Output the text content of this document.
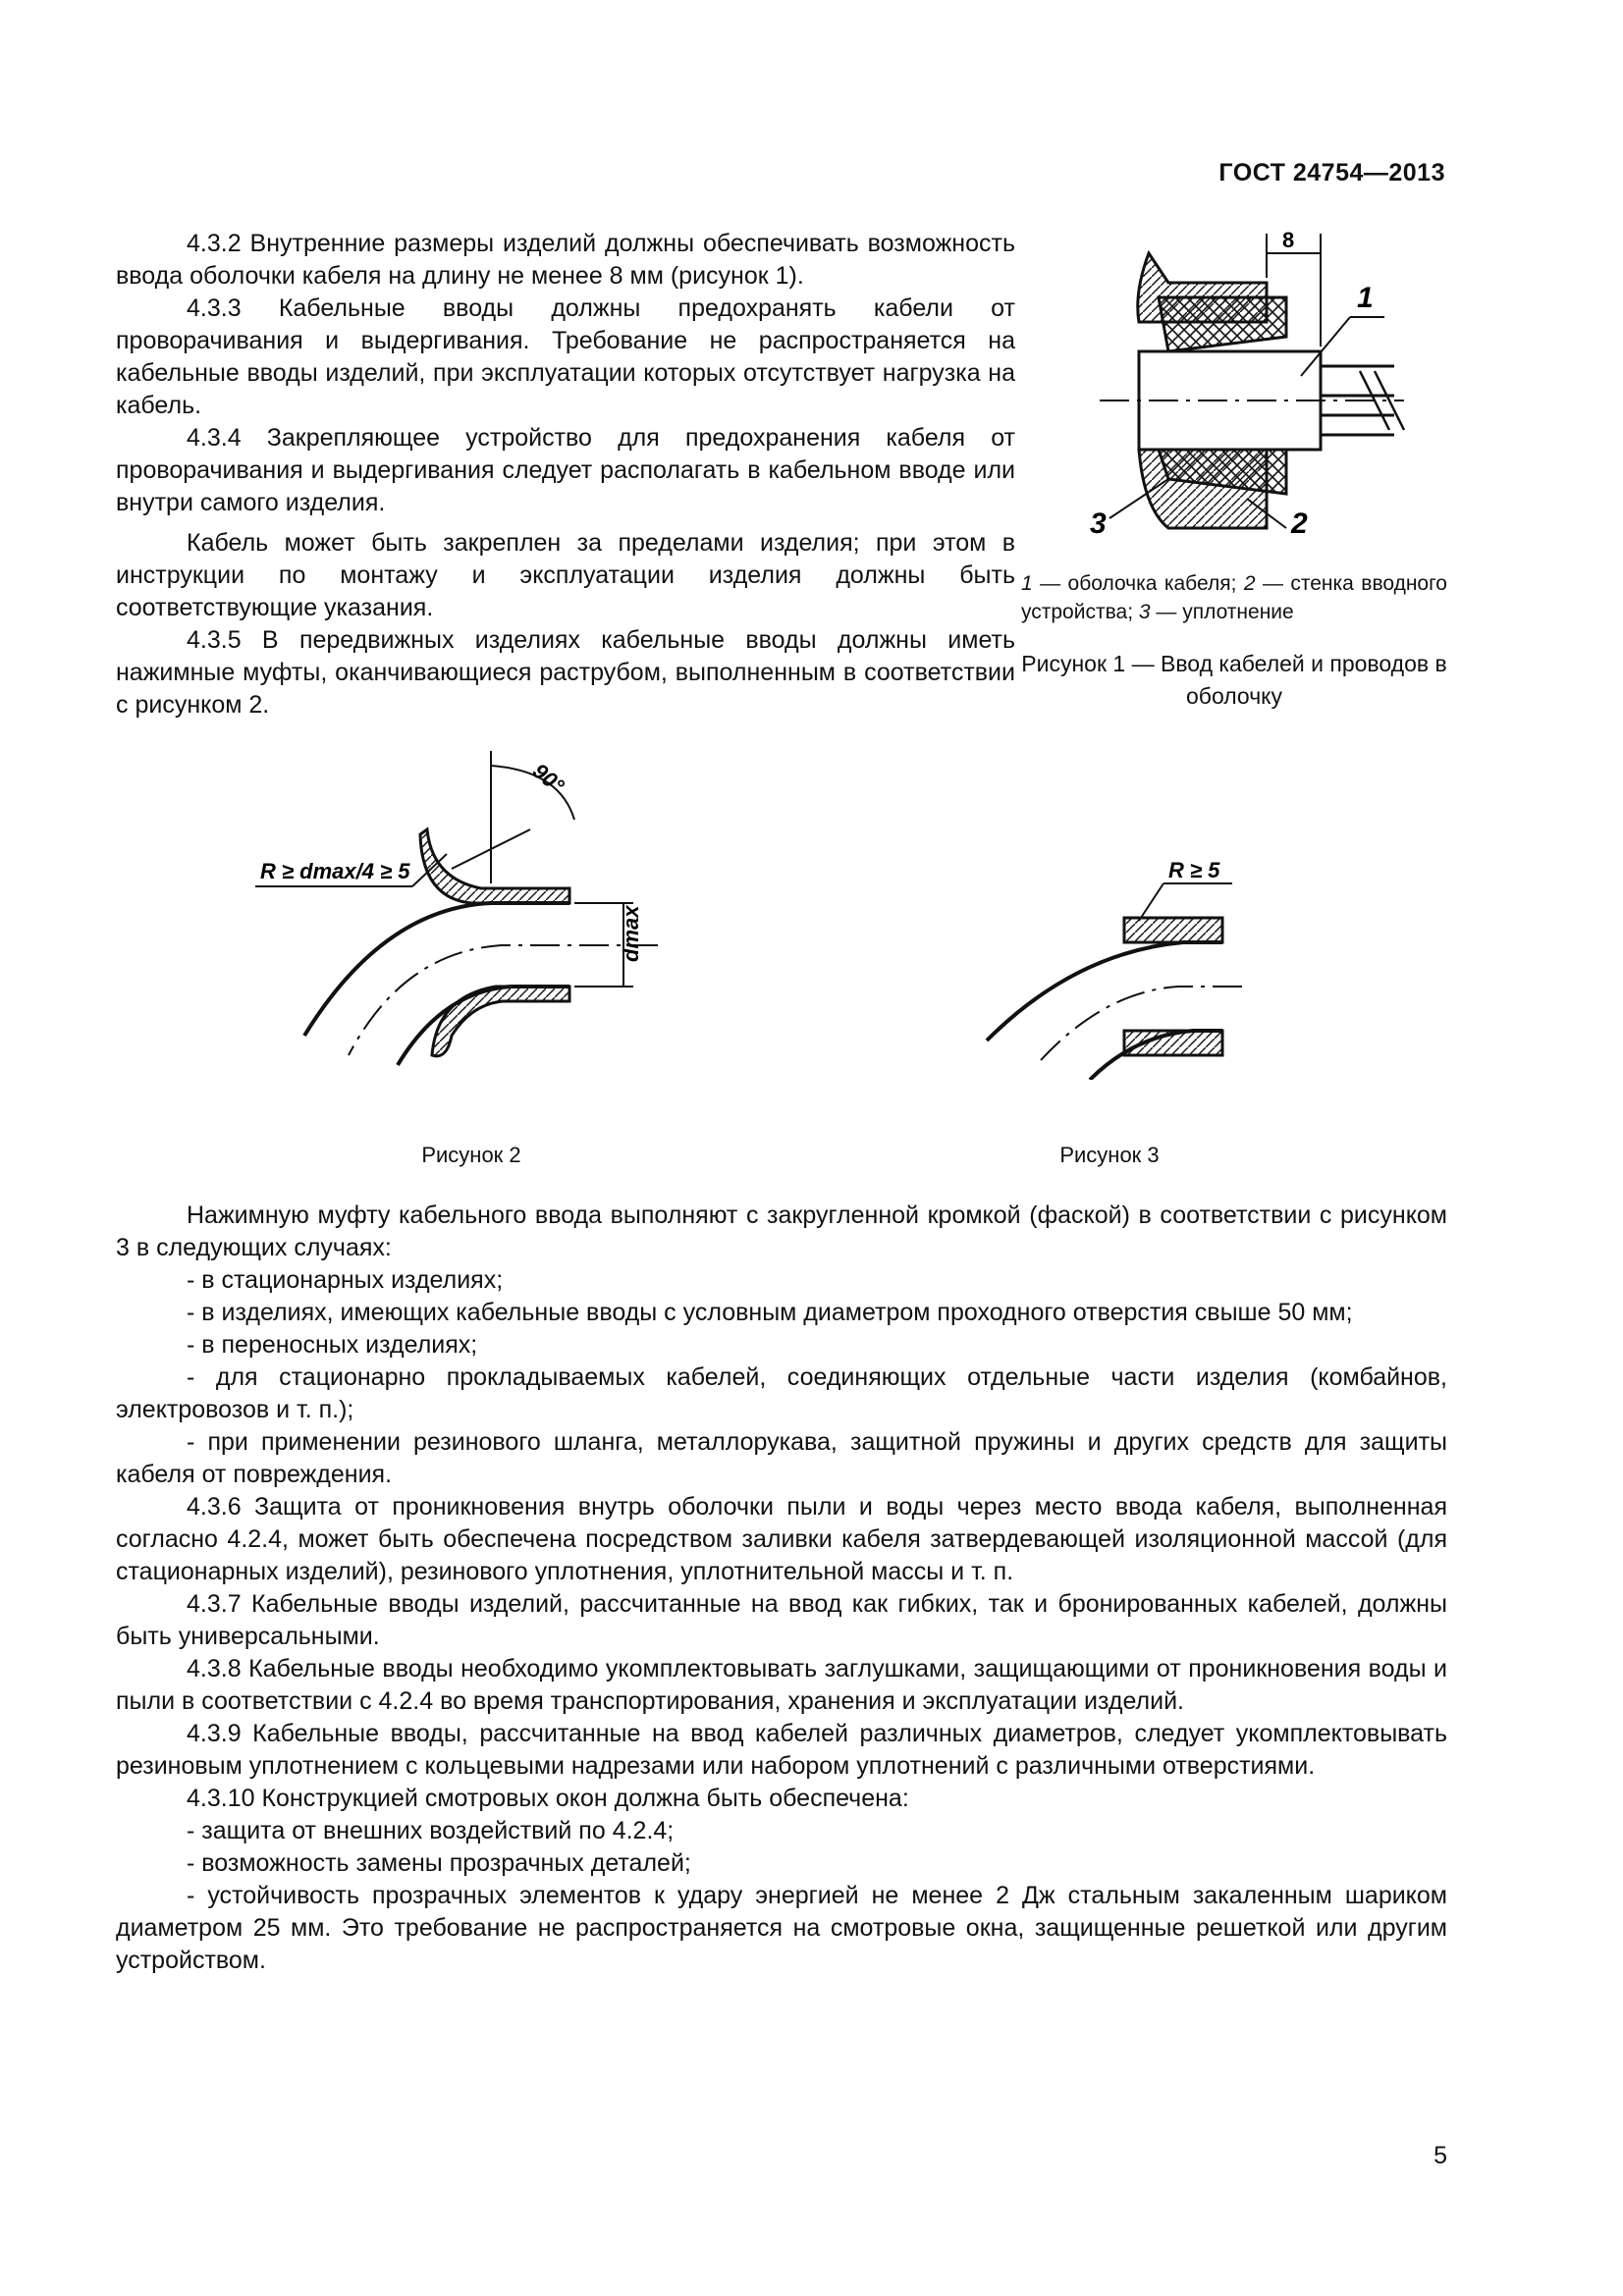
ГОСТ 24754—2013

4.3.2 Внутренние размеры изделий должны обеспечивать возможность ввода оболочки кабеля на длину не менее 8 мм (рисунок 1).

4.3.3 Кабельные вводы должны предохранять кабели от проворачивания и выдергивания. Требование не распространяется на кабельные вводы изделий, при эксплуатации которых отсутствует нагрузка на кабель.

4.3.4 Закрепляющее устройство для предохранения кабеля от проворачивания и выдергивания следует располагать в кабельном вводе или внутри самого изделия.

Кабель может быть закреплен за пределами изделия; при этом в инструкции по монтажу и эксплуатации изделия должны быть соответствующие указания.

4.3.5 В передвижных изделиях кабельные вводы должны иметь нажимные муфты, оканчивающиеся раструбом, выполненным в соответствии с рисунком 2.

8
1
2
3
1 — оболочка кабеля; 2 — стенка вводного устройства; 3 — уплотнение
Рисунок 1 — Ввод кабелей и проводов в оболочку
90°
dmax
R ≥ dmax/4 ≥ 5
Рисунок 2
R ≥ 5
Рисунок 3

Нажимную муфту кабельного ввода выполняют с закругленной кромкой (фаской) в соответствии с рисунком 3 в следующих случаях:

- в стационарных изделиях;

- в изделиях, имеющих кабельные вводы с условным диаметром проходного отверстия свыше 50 мм;

- в переносных изделиях;

- для стационарно прокладываемых кабелей, соединяющих отдельные части изделия (комбайнов, электровозов и т. п.);

- при применении резинового шланга, металлорукава, защитной пружины и других средств для защиты кабеля от повреждения.

4.3.6 Защита от проникновения внутрь оболочки пыли и воды через место ввода кабеля, выполненная согласно 4.2.4, может быть обеспечена посредством заливки кабеля затвердевающей изоляционной массой (для стационарных изделий), резинового уплотнения, уплотнительной массы и т. п.

4.3.7 Кабельные вводы изделий, рассчитанные на ввод как гибких, так и бронированных кабелей, должны быть универсальными.

4.3.8 Кабельные вводы необходимо укомплектовывать заглушками, защищающими от проникновения воды и пыли в соответствии с 4.2.4 во время транспортирования, хранения и эксплуатации изделий.

4.3.9 Кабельные вводы, рассчитанные на ввод кабелей различных диаметров, следует укомплектовывать резиновым уплотнением с кольцевыми надрезами или набором уплотнений с различными отверстиями.

4.3.10 Конструкцией смотровых окон должна быть обеспечена:

- защита от внешних воздействий по 4.2.4;

- возможность замены прозрачных деталей;

- устойчивость прозрачных элементов к удару энергией не менее 2 Дж стальным закаленным шариком диаметром 25 мм. Это требование не распространяется на смотровые окна, защищенные решеткой или другим устройством.

5
